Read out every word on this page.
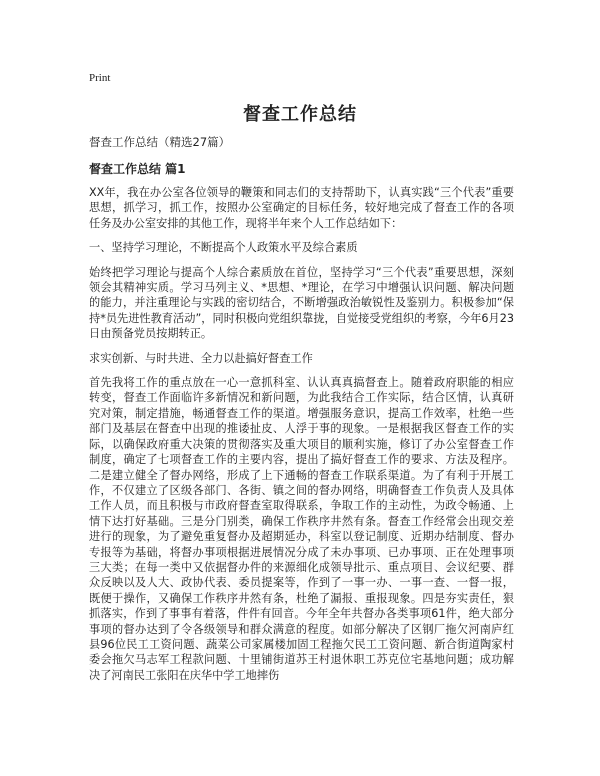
Print
督查工作总结
督查工作总结（精选27篇）
督查工作总结 篇1

XX年，我在办公室各位领导的鞭策和同志们的支持帮助下，认真实践“三个代表”重要思想，抓学习，抓工作，按照办公室确定的目标任务，较好地完成了督查工作的各项任务及办公室安排的其他工作，现将半年来个人工作总结如下：

一、坚持学习理论，不断提高个人政策水平及综合素质

始终把学习理论与提高个人综合素质放在首位，坚持学习“三个代表”重要思想，深刻领会其精神实质。学习马列主义、*思想、*理论，在学习中增强认识问题、解决问题的能力，并注重理论与实践的密切结合，不断增强政治敏锐性及鉴别力。积极参加“保持*员先进性教育活动”，同时积极向党组织靠拢，自觉接受党组织的考察，今年6月23日由预备党员按期转正。

求实创新、与时共进、全力以赴搞好督查工作

首先我将工作的重点放在一心一意抓科室、认认真真搞督查上。随着政府职能的相应转变，督查工作面临许多新情况和新问题，为此我结合工作实际，结合区情，认真研究对策，制定措施，畅通督查工作的渠道。增强服务意识，提高工作效率，杜绝一些部门及基层在督查中出现的推诿扯皮、人浮于事的现象。一是根据我区督查工作的实际，以确保政府重大决策的贯彻落实及重大项目的顺利实施，修订了办公室督查工作制度，确定了七项督查工作的主要内容，提出了搞好督查工作的要求、方法及程序。二是建立健全了督办网络，形成了上下通畅的督查工作联系渠道。为了有利于开展工作，不仅建立了区级各部门、各街、镇之间的督办网络，明确督查工作负责人及具体工作人员，而且积极与市政府督查室取得联系，争取工作的主动性，为政令畅通、上情下达打好基础。三是分门别类，确保工作秩序井然有条。督查工作经常会出现交差进行的现象，为了避免重复督办及超期延办，科室以登记制度、近期办结制度、督办专报等为基础，将督办事项根据进展情况分成了未办事项、已办事项、正在处理事项三大类；在每一类中又依据督办件的来源细化成领导批示、重点项目、会议纪要、群众反映以及人大、政协代表、委员提案等，作到了一事一办、一事一查、一督一报，既便于操作，又确保工作秩序井然有条，杜绝了漏报、重报现象。四是夯实责任，狠抓落实，作到了事事有着落，件件有回音。今年全年共督办各类事项61件，绝大部分事项的督办达到了令各级领导和群众满意的程度。如部分解决了区钢厂拖欠河南庐红县96位民工工资问题、蔬菜公司家属楼加固工程拖欠民工工资问题、新合街道陶家村委会拖欠马志军工程款问题、十里铺街道苏王村退休职工苏克位宅基地问题；成功解决了河南民工张阳在庆华中学工地摔伤
